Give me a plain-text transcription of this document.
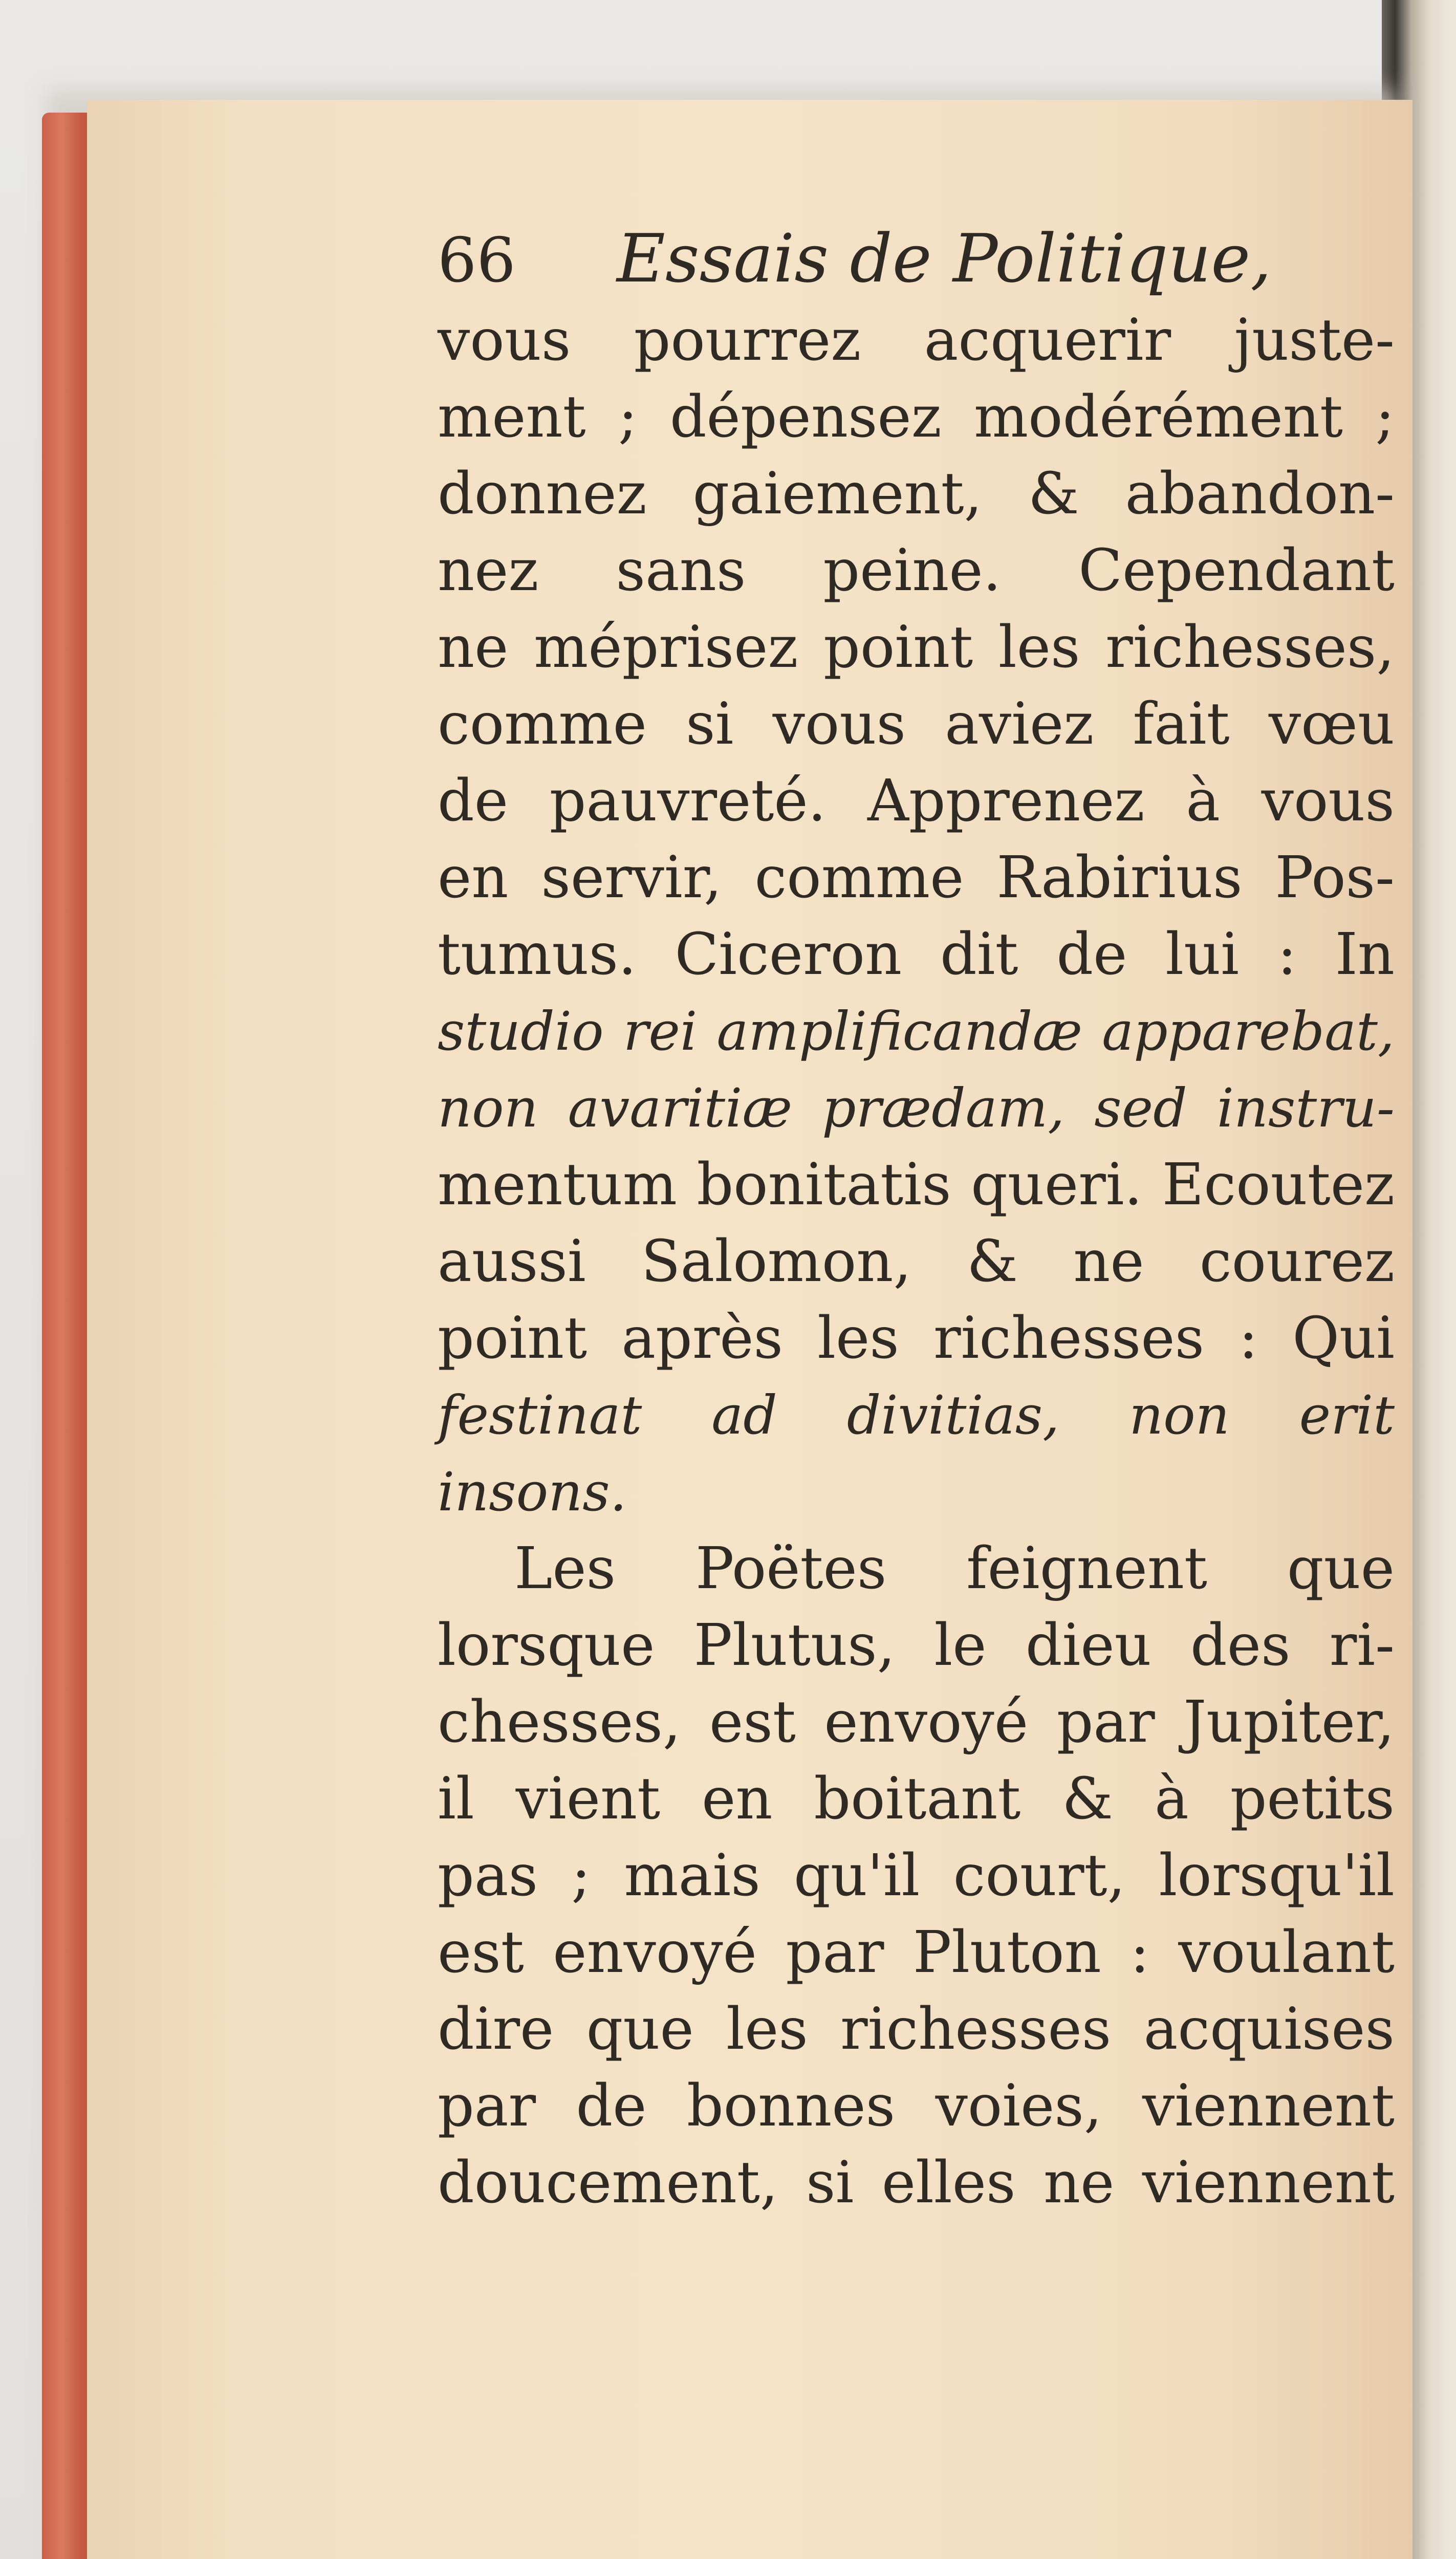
66	Essais de Politique,
vous pourrez acquerir juste-
ment ; dépensez modérément ;
donnez gaiement, & abandon-
nez sans peine. Cependant
ne méprisez point les richesses,
comme si vous aviez fait vœu
de pauvreté. Apprenez à vous
en servir, comme Rabirius Pos-
tumus. Ciceron dit de lui : In
studio rei amplificandæ apparebat,
non avaritiæ prædam, sed instru-
mentum bonitatis queri. Ecoutez
aussi Salomon, & ne courez
point après les richesses : Qui
festinat ad divitias, non erit
insons.
Les Poëtes feignent que
lorsque Plutus, le dieu des ri-
chesses, est envoyé par Jupiter,
il vient en boitant & à petits
pas ; mais qu'il court, lorsqu'il
est envoyé par Pluton : voulant
dire que les richesses acquises
par de bonnes voies, viennent
doucement, si elles ne viennent
